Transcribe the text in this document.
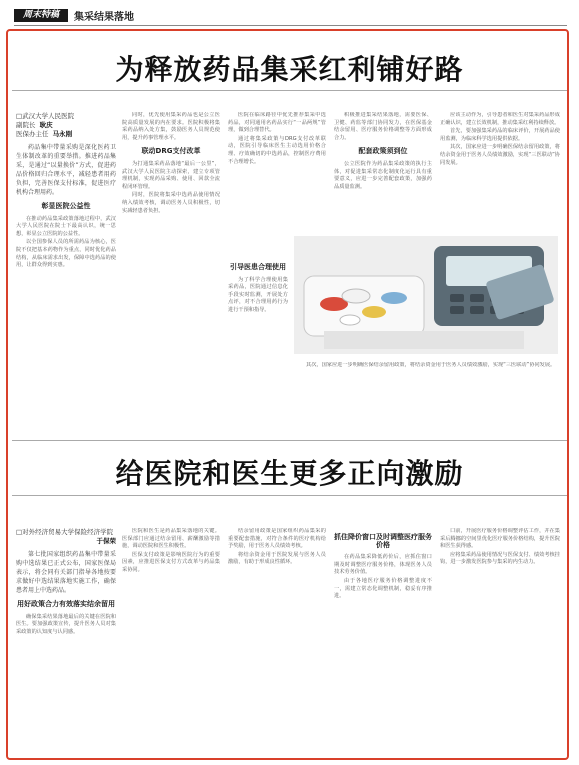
周末特稿	集采结果落地
为释放药品集采红利铺好路
□武汉大学人民医院
副院长 耿庆
医保办主任 马永刚

药品集中带量采购是深化医药卫生体制改革的重要举措。推进药品集采，是通过“以量换价”方式，促进药品价格回归合理水平，减轻患者用药负担，完善医保支付标准，促进医疗机构合理用药。

彰显医院公益性

在推动药品集采政策落地过程中，武汉大学人民医院在院士下最高认识，统一思想，彰显公立医院的公益性。

以全国参保人员的所需药品为核心，医院不仅把基本药物作为重点，同时优化药品结构，从临床需求出发，保障中选药品的使用，让群众得到实惠。

同时，优先使用集采药品也是公立医院高质量发展的内在要求。医院积极将集采药品纳入处方集，鼓励医务人员规范使用，提升药事管理水平。

联动DRG支付改革

为打通集采药品落地“最后一公里”，武汉大学人民医院主动探索，建立专项管理机制，实现药品采购、使用、回款全流程闭环管理。

同时，医院将集采中选药品使用情况纳入绩效考核，调动医务人员积极性，切实减轻患者负担。

医院在临床路径中优先推荐集采中选药品，对同通用名药品实行“一品两规”管理，做到合理替代。

通过将集采政策与DRG支付改革联动，医院引导临床医生主动选用价格合理、疗效确切的中选药品，控制医疗费用不合理增长。

引导医患合理使用

为了科学合理使用集采药品，医院通过信息化手段实时监测，开展处方点评，对不合理用药行为进行干预和指导。

积极推进集采结果落地，需要医保、卫健、药监等部门协同发力，在医保基金结余留用、医疗服务价格调整等方面形成合力。

配套政策须到位

公立医院作为药品集采政策的执行主体，对促进集采常态化制度化运行具有重要意义，应进一步完善配套政策，加强药品质量监测。

应该主动作为，引导患者和医生对集采药品形成正确认识，建立长效机制，推动集采红利持续释放。

首先，要加强集采药品的临床评价，开展药品使用监测，为临床科学选用提供依据。

其次，国家应进一步明确医保结余留用政策，将结余资金用于医务人员绩效激励，实现“三医联动”协同发展。

其次，国家应进一步明确医保结余留用政策，将结余资金用于医务人员绩效激励，实现“三医联动”协同发展。

给医院和医生更多正向激励
□对外经济贸易大学保险经济学院
于保荣

第七批国家组织药品集中带量采购中选结果已正式公布，国家医保局表示，将会同有关部门指导各地按要求做好中选结果落地实施工作，确保患者用上中选药品。

用好政策合力有效落实结余留用

确保集采结果落地最后的关键在医院和医生。要加强政策宣传，提升医务人员对集采政策的认知度与认同感。

医院和医生是药品集采落地的关键。医保部门应通过结余留用、薪酬激励等措施，调动医院和医生积极性。

医保支付政策是影响医院行为的重要因素，应推进医保支付方式改革与药品集采协同。

结余留用政策是国家组织药品集采的重要配套措施，对符合条件的医疗机构给予奖励，用于医务人员绩效考核。

将结余资金用于医院发展与医务人员激励，有助于形成良性循环。

抓住降价窗口及时调整医疗服务价格

在药品集采降低药价后，应抓住窗口期及时调整医疗服务价格，体现医务人员技术劳务价值。

由于各地医疗服务价格调整进度不一，需建立常态化调整机制，稳妥有序推进。

口前，开展医疗服务价格调整评估工作，并在集采后腾挪的空间里优化医疗服务价格结构，提升医院和医生获得感。

应将集采药品使用情况与医保支付、绩效考核挂钩，进一步激发医院参与集采的内生动力。
